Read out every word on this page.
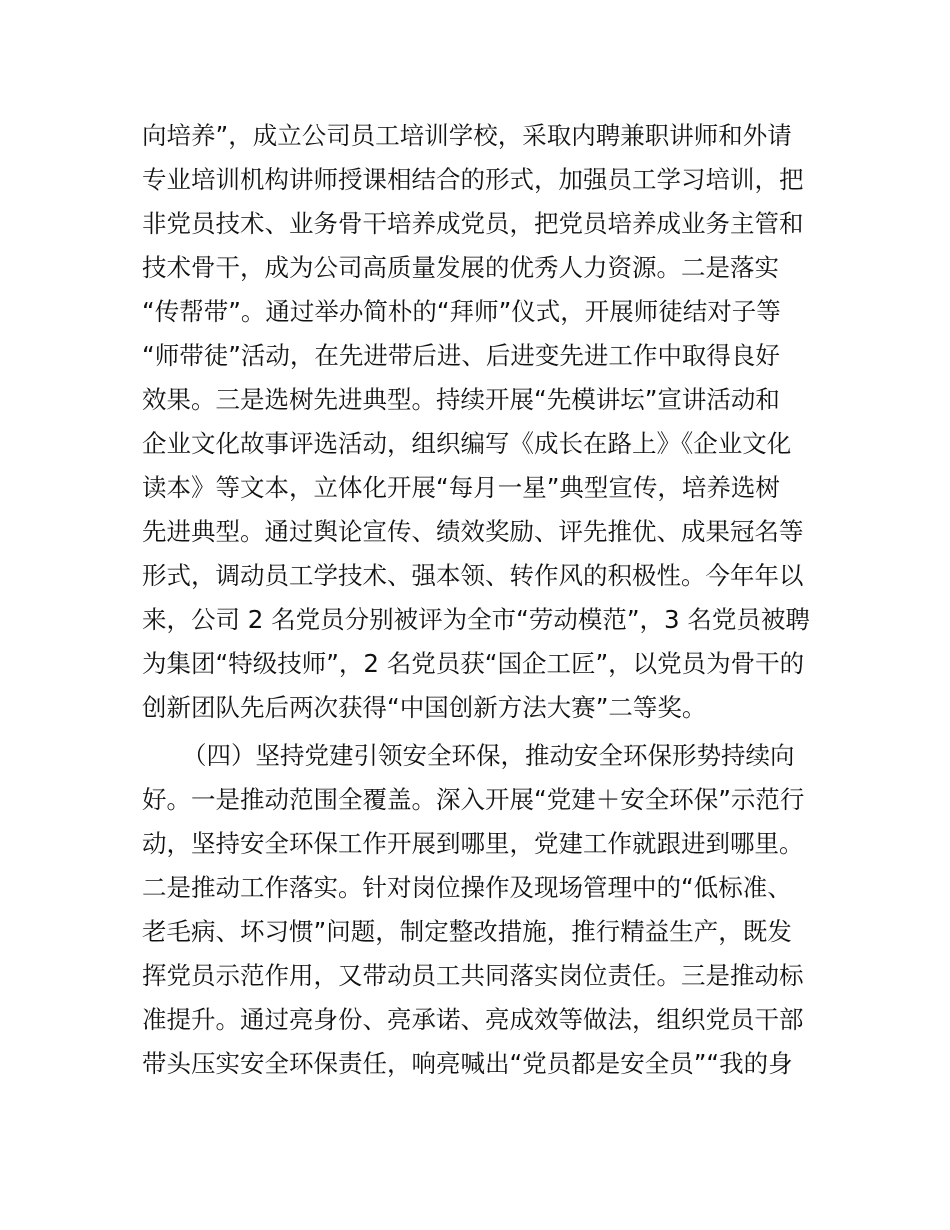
向培养”，成立公司员工培训学校，采取内聘兼职讲师和外请
专业培训机构讲师授课相结合的形式，加强员工学习培训，把
非党员技术、业务骨干培养成党员，把党员培养成业务主管和
技术骨干，成为公司高质量发展的优秀人力资源。二是落实
“传帮带”。通过举办简朴的“拜师”仪式，开展师徒结对子等
“师带徒”活动，在先进带后进、后进变先进工作中取得良好
效果。三是选树先进典型。持续开展“先模讲坛”宣讲活动和
企业文化故事评选活动，组织编写《成长在路上》《企业文化
读本》等文本，立体化开展“每月一星”典型宣传，培养选树
先进典型。通过舆论宣传、绩效奖励、评先推优、成果冠名等
形式，调动员工学技术、强本领、转作风的积极性。今年年以
来，公司 2 名党员分别被评为全市“劳动模范”，3 名党员被聘
为集团“特级技师”，2 名党员获“国企工匠”，以党员为骨干的
创新团队先后两次获得“中国创新方法大赛”二等奖。
（四）坚持党建引领安全环保，推动安全环保形势持续向
好。一是推动范围全覆盖。深入开展“党建＋安全环保”示范行
动，坚持安全环保工作开展到哪里，党建工作就跟进到哪里。
二是推动工作落实。针对岗位操作及现场管理中的“低标准、
老毛病、坏习惯”问题，制定整改措施，推行精益生产，既发
挥党员示范作用，又带动员工共同落实岗位责任。三是推动标
准提升。通过亮身份、亮承诺、亮成效等做法，组织党员干部
带头压实安全环保责任，响亮喊出“党员都是安全员”“我的身
